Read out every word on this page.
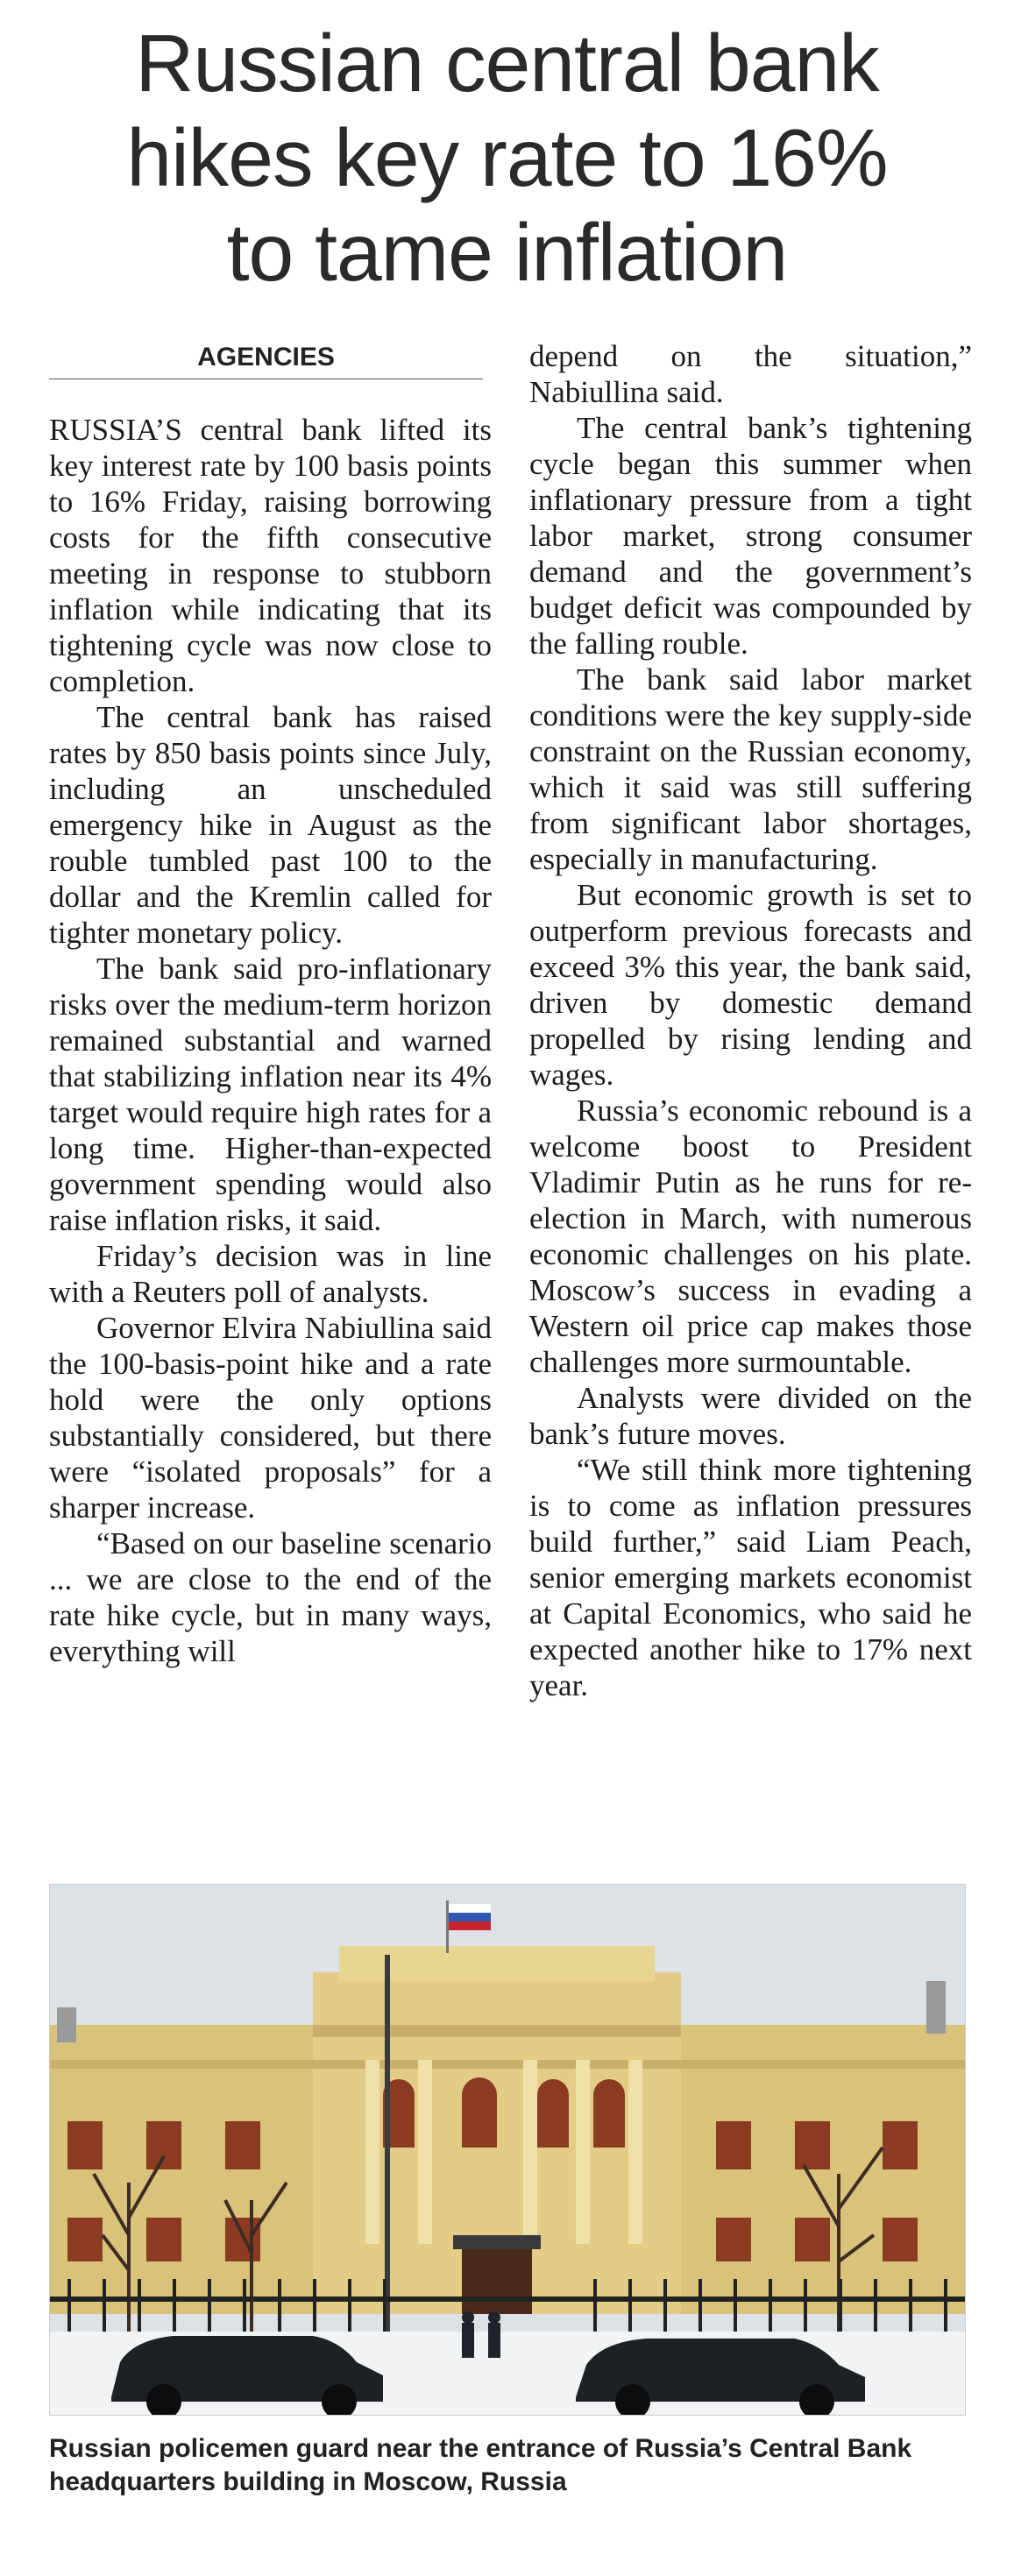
Russian central bank
hikes key rate to 16%
to tame inflation
AGENCIES

RUSSIA’S central bank lifted its key interest rate by 100 basis points to 16% Friday, raising borrowing costs for the fifth consecutive meeting in response to stubborn inflation while indicating that its tightening cycle was now close to completion.

The central bank has raised rates by 850 basis points since July, including an unscheduled emergency hike in August as the rouble tumbled past 100 to the dollar and the Kremlin called for tighter monetary policy.

The bank said pro-inflationary risks over the medium-term horizon remained substantial and warned that stabilizing inflation near its 4% target would require high rates for a long time. Higher-than-expected government spending would also raise inflation risks, it said.

Friday’s decision was in line with a Reuters poll of analysts.

Governor Elvira Nabiullina said the 100-basis-point hike and a rate hold were the only options substantially considered, but there were “isolated proposals” for a sharper increase.

“Based on our baseline scenario ... we are close to the end of the rate hike cycle, but in many ways, everything will

depend on the situation,” Nabiullina said.

The central bank’s tightening cycle began this summer when inflationary pressure from a tight labor market, strong consumer demand and the government’s budget deficit was compounded by the falling rouble.

The bank said labor market conditions were the key supply-side constraint on the Russian economy, which it said was still suffering from significant labor shortages, especially in manufacturing.

But economic growth is set to outperform previous forecasts and exceed 3% this year, the bank said, driven by domestic demand propelled by rising lending and wages.

Russia’s economic rebound is a welcome boost to President Vladimir Putin as he runs for re-election in March, with numerous economic challenges on his plate. Moscow’s success in evading a Western oil price cap makes those challenges more surmountable.

Analysts were divided on the bank’s future moves.

“We still think more tightening is to come as inflation pressures build further,” said Liam Peach, senior emerging markets economist at Capital Economics, who said he expected another hike to 17% next year.

Russian policemen guard near the entrance of Russia’s Central Bank
headquarters building in Moscow, Russia
